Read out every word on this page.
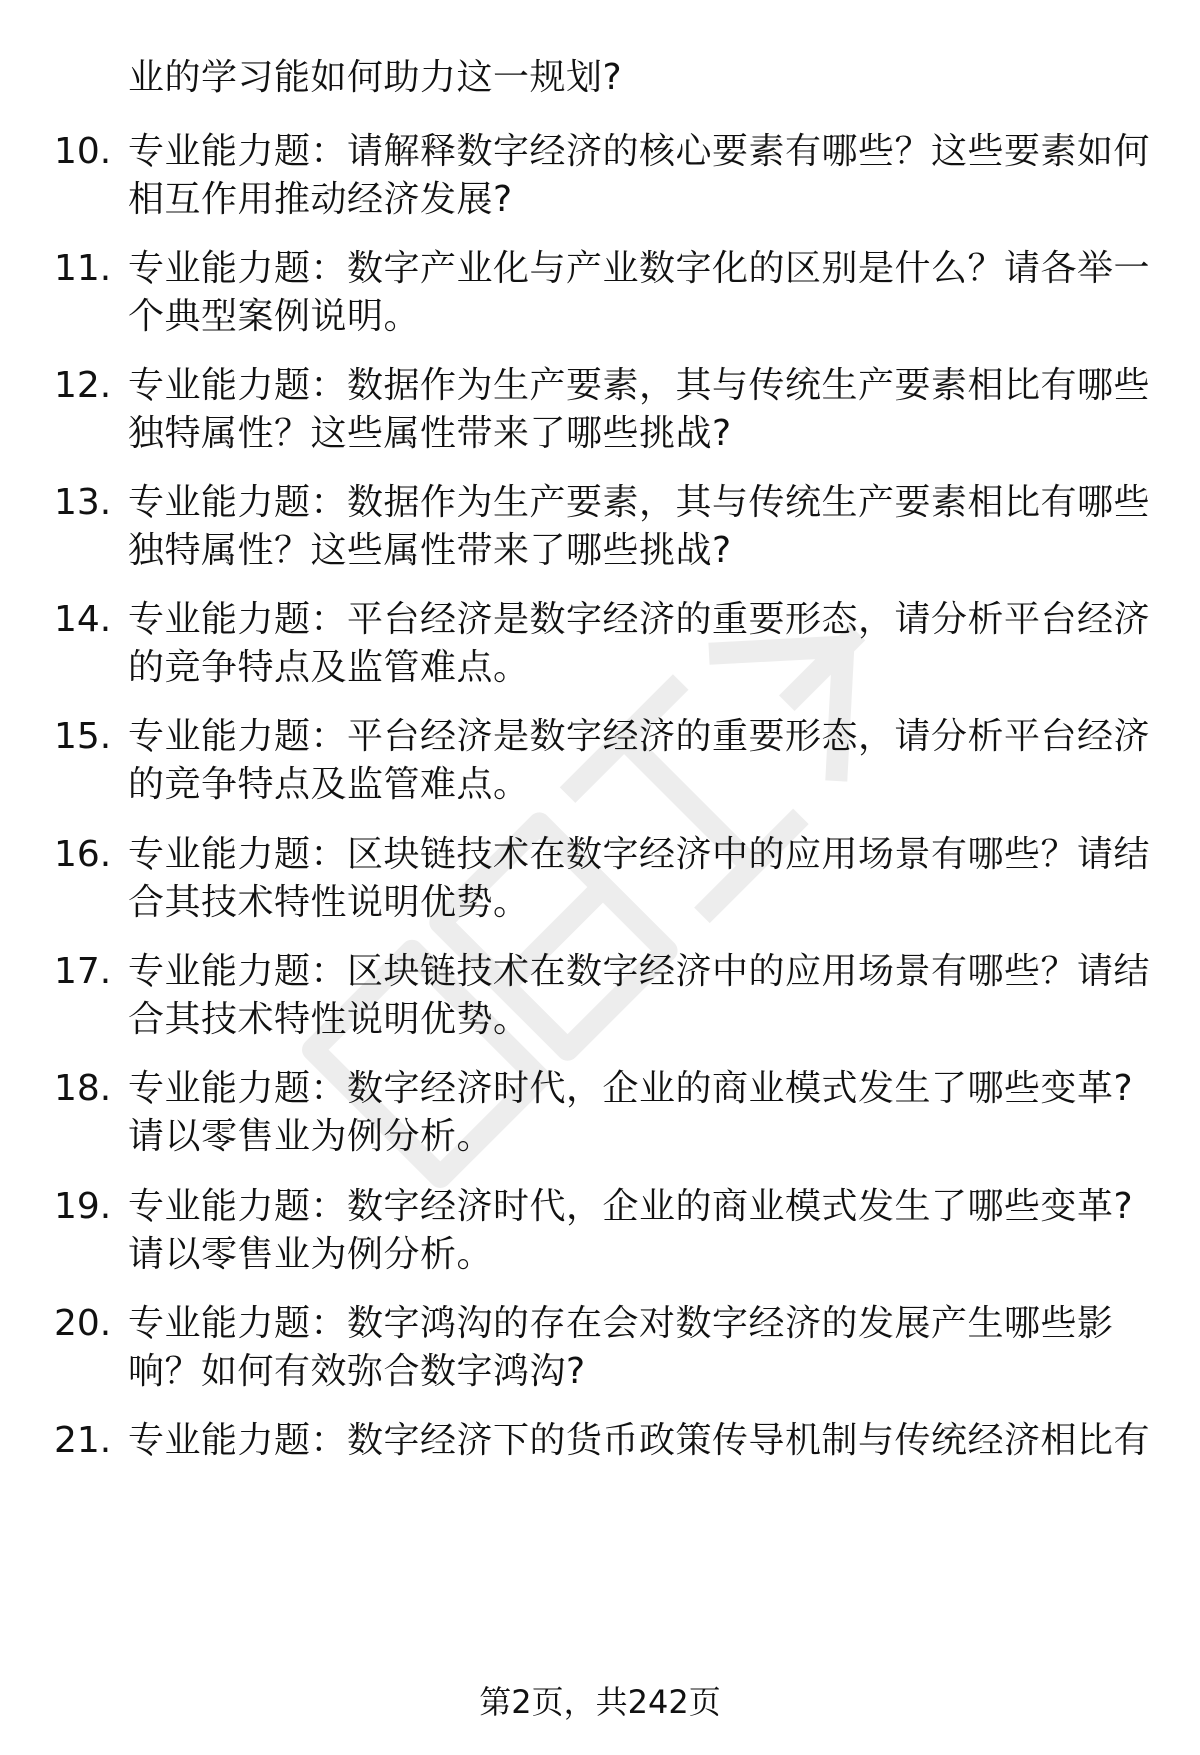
业的学习能如何助力这一规划?
10. 专业能力题：请解释数字经济的核心要素有哪些？这些要素如何
相互作用推动经济发展?
11. 专业能力题：数字产业化与产业数字化的区别是什么？请各举一
个典型案例说明。
12. 专业能力题：数据作为生产要素，其与传统生产要素相比有哪些
独特属性？这些属性带来了哪些挑战?
13. 专业能力题：数据作为生产要素，其与传统生产要素相比有哪些
独特属性？这些属性带来了哪些挑战?
14. 专业能力题：平台经济是数字经济的重要形态，请分析平台经济
的竞争特点及监管难点。
15. 专业能力题：平台经济是数字经济的重要形态，请分析平台经济
的竞争特点及监管难点。
16. 专业能力题：区块链技术在数字经济中的应用场景有哪些？请结
合其技术特性说明优势。
17. 专业能力题：区块链技术在数字经济中的应用场景有哪些？请结
合其技术特性说明优势。
18. 专业能力题：数字经济时代，企业的商业模式发生了哪些变革?
请以零售业为例分析。
19. 专业能力题：数字经济时代，企业的商业模式发生了哪些变革?
请以零售业为例分析。
20. 专业能力题：数字鸿沟的存在会对数字经济的发展产生哪些影
响？如何有效弥合数字鸿沟?
21. 专业能力题：数字经济下的货币政策传导机制与传统经济相比有
第2页，共242页
